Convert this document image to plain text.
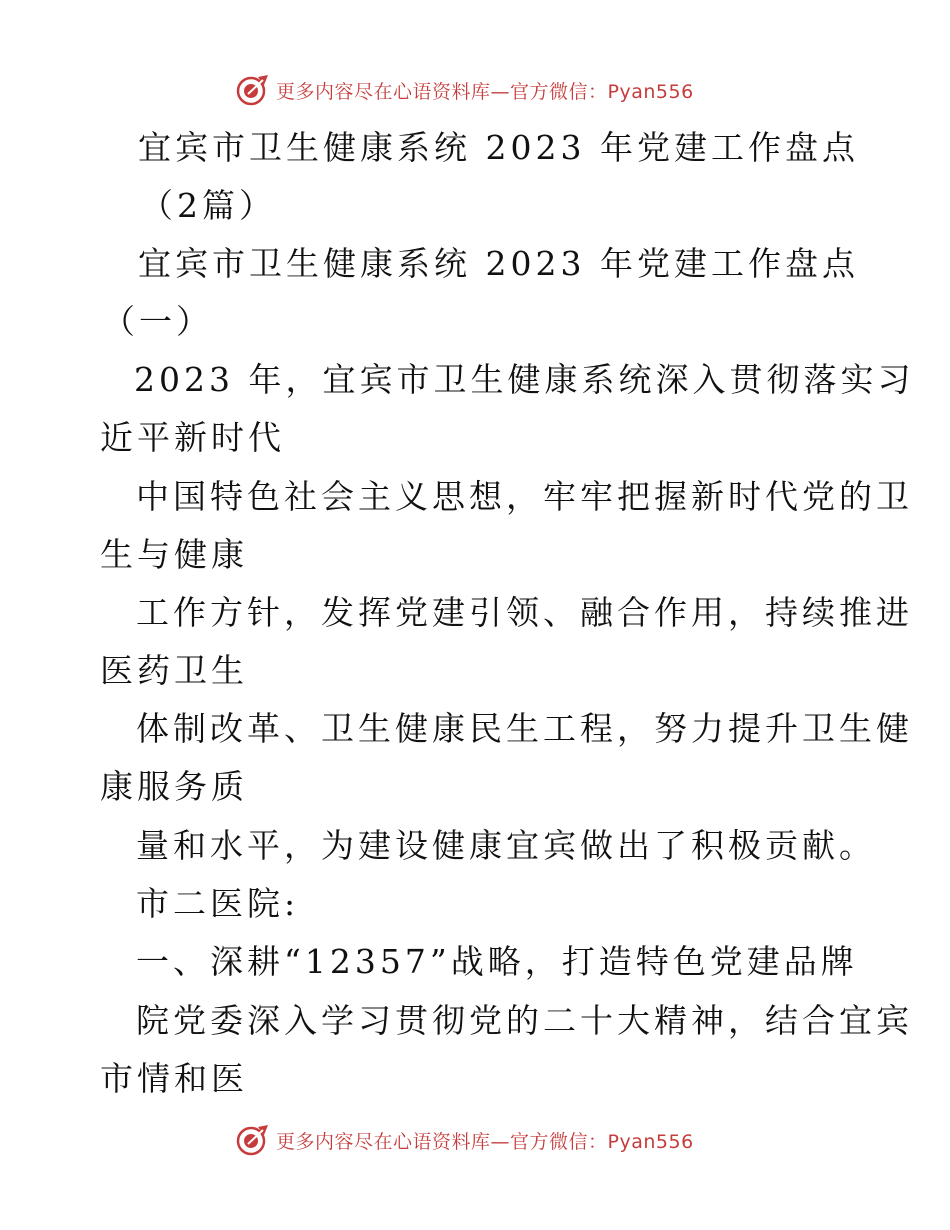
更多内容尽在心语资料库—官方微信：Pyan556
宜宾市卫生健康系统 2023 年党建工作盘点
（2篇）
宜宾市卫生健康系统 2023 年党建工作盘点
（一）
2023 年，宜宾市卫生健康系统深入贯彻落实习
近平新时代
中国特色社会主义思想，牢牢把握新时代党的卫
生与健康
工作方针，发挥党建引领、融合作用，持续推进
医药卫生
体制改革、卫生健康民生工程，努力提升卫生健
康服务质
量和水平，为建设健康宜宾做出了积极贡献。
市二医院:
一、深耕“12357”战略，打造特色党建品牌
院党委深入学习贯彻党的二十大精神，结合宜宾
市情和医
更多内容尽在心语资料库—官方微信：Pyan556
